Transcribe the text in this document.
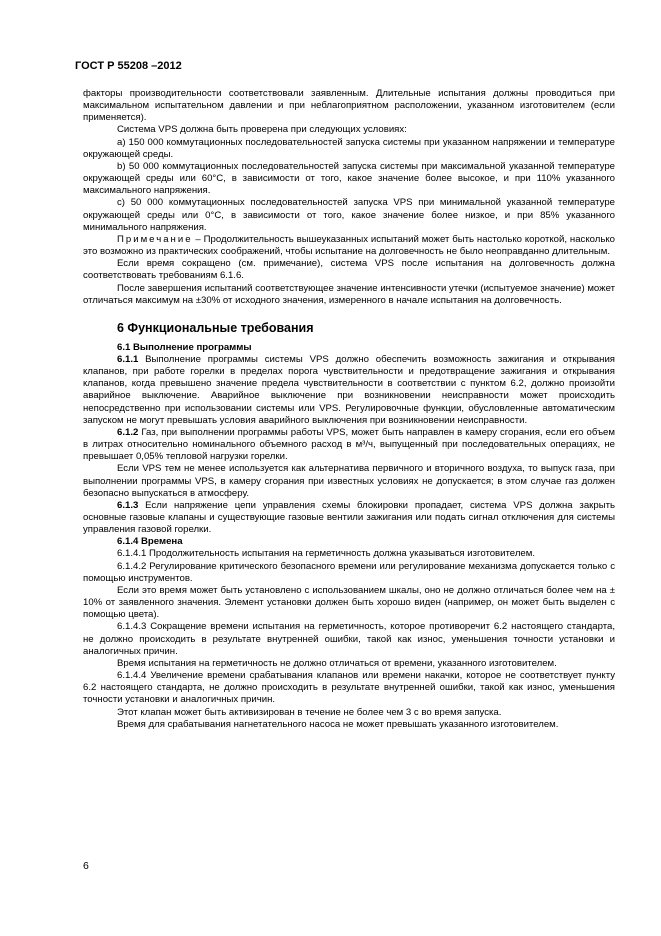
ГОСТ Р 55208 –2012

факторы производительности соответствовали заявленным. Длительные испытания должны проводиться при максимальном испытательном давлении и при неблагоприятном расположении, указанном изготовителем (если применяется).

Система VPS должна быть проверена при следующих условиях:

а) 150 000 коммутационных последовательностей запуска системы при указанном напряжении и температуре окружающей среды.

b) 50 000 коммутационных последовательностей запуска системы при максимальной указанной температуре окружающей среды или 60°С, в зависимости от того, какое значение более высокое, и при 110% указанного максимального напряжения.

с) 50 000 коммутационных последовательностей запуска VPS при минимальной указанной температуре окружающей среды или 0°С, в зависимости от того, какое значение более низкое, и при 85% указанного минимального напряжения.

Примечание – Продолжительность вышеуказанных испытаний может быть настолько короткой, насколько это возможно из практических соображений, чтобы испытание на долговечность не было неоправданно длительным.

Если время сокращено (см. примечание), система VPS после испытания на долговечность должна соответствовать требованиям 6.1.6.

После завершения испытаний соответствующее значение интенсивности утечки (испытуемое значение) может отличаться максимум на ±30% от исходного значения, измеренного в начале испытания на долговечность.

6 Функциональные требования

6.1 Выполнение программы

6.1.1 Выполнение программы системы VPS должно обеспечить возможность зажигания и открывания клапанов, при работе горелки в пределах порога чувствительности и предотвращение зажигания и открывания клапанов, когда превышено значение предела чувствительности в соответствии с пунктом 6.2, должно произойти аварийное выключение. Аварийное выключение при возникновении неисправности может происходить непосредственно при использовании системы или VPS. Регулировочные функции, обусловленные автоматическим запуском не могут превышать условия аварийного выключения при возникновении неисправности.

6.1.2 Газ, при выполнении программы работы VPS, может быть направлен в камеру сгорания, если его объем в литрах относительно номинального объемного расход в м³/ч, выпущенный при последовательных операциях, не превышает 0,05% тепловой нагрузки горелки.

Если VPS тем не менее используется как альтернатива первичного и вторичного воздуха, то выпуск газа, при выполнении программы VPS, в камеру сгорания при известных условиях не допускается; в этом случае газ должен безопасно выпускаться в атмосферу.

6.1.3 Если напряжение цепи управления схемы блокировки пропадает, система VPS должна закрыть основные газовые клапаны и существующие газовые вентили зажигания или подать сигнал отключения для системы управления газовой горелки.

6.1.4 Времена

6.1.4.1 Продолжительность испытания на герметичность должна указываться изготовителем.

6.1.4.2 Регулирование критического безопасного времени или регулирование механизма допускается только с помощью инструментов.

Если это время может быть установлено с использованием шкалы, оно не должно отличаться более чем на ± 10% от заявленного значения. Элемент установки должен быть хорошо виден (например, он может быть выделен с помощью цвета).

6.1.4.3 Сокращение времени испытания на герметичность, которое противоречит 6.2 настоящего стандарта, не должно происходить в результате внутренней ошибки, такой как износ, уменьшения точности установки и аналогичных причин.

Время испытания на герметичность не должно отличаться от времени, указанного изготовителем.

6.1.4.4 Увеличение времени срабатывания клапанов или времени накачки, которое не соответствует пункту 6.2 настоящего стандарта, не должно происходить в результате внутренней ошибки, такой как износ, уменьшения точности установки и аналогичных причин.

Этот клапан может быть активизирован в течение не более чем 3 с во время запуска.

Время для срабатывания нагнетательного насоса не может превышать указанного изготовителем.

6
